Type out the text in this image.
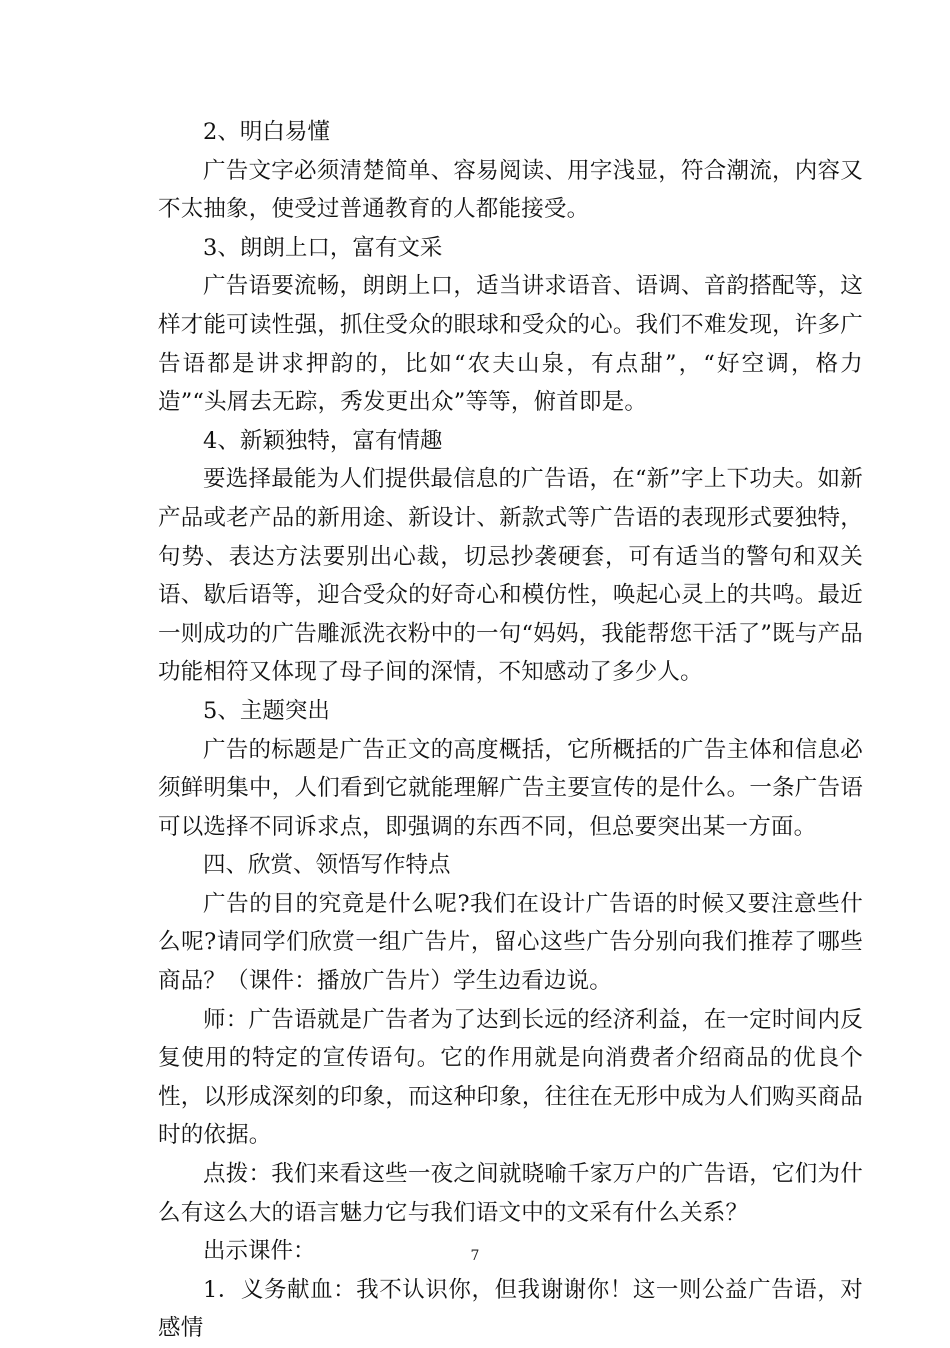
2、明白易懂

广告文字必须清楚简单、容易阅读、用字浅显，符合潮流，内容又不太抽象，使受过普通教育的人都能接受。

3、朗朗上口，富有文采

广告语要流畅，朗朗上口，适当讲求语音、语调、音韵搭配等，这样才能可读性强，抓住受众的眼球和受众的心。我们不难发现，许多广告语都是讲求押韵的，比如“农夫山泉，有点甜”，“好空调，格力造”“头屑去无踪，秀发更出众”等等，俯首即是。

4、新颖独特，富有情趣

要选择最能为人们提供最信息的广告语，在“新”字上下功夫。如新产品或老产品的新用途、新设计、新款式等广告语的表现形式要独特，句势、表达方法要别出心裁，切忌抄袭硬套，可有适当的警句和双关语、歇后语等，迎合受众的好奇心和模仿性，唤起心灵上的共鸣。最近一则成功的广告雕派洗衣粉中的一句“妈妈，我能帮您干活了”既与产品功能相符又体现了母子间的深情，不知感动了多少人。

5、主题突出

广告的标题是广告正文的高度概括，它所概括的广告主体和信息必须鲜明集中，人们看到它就能理解广告主要宣传的是什么。一条广告语可以选择不同诉求点，即强调的东西不同，但总要突出某一方面。

四、欣赏、领悟写作特点

广告的目的究竟是什么呢?我们在设计广告语的时候又要注意些什么呢?请同学们欣赏一组广告片，留心这些广告分别向我们推荐了哪些商品？（课件：播放广告片）学生边看边说。

师：广告语就是广告者为了达到长远的经济利益，在一定时间内反复使用的特定的宣传语句。它的作用就是向消费者介绍商品的优良个性，以形成深刻的印象，而这种印象，往往在无形中成为人们购买商品时的依据。

点拨：我们来看这些一夜之间就晓喻千家万户的广告语，它们为什么有这么大的语言魅力它与我们语文中的文采有什么关系？

出示课件：

1．义务献血：我不认识你，但我谢谢你！这一则公益广告语，对感情

7
